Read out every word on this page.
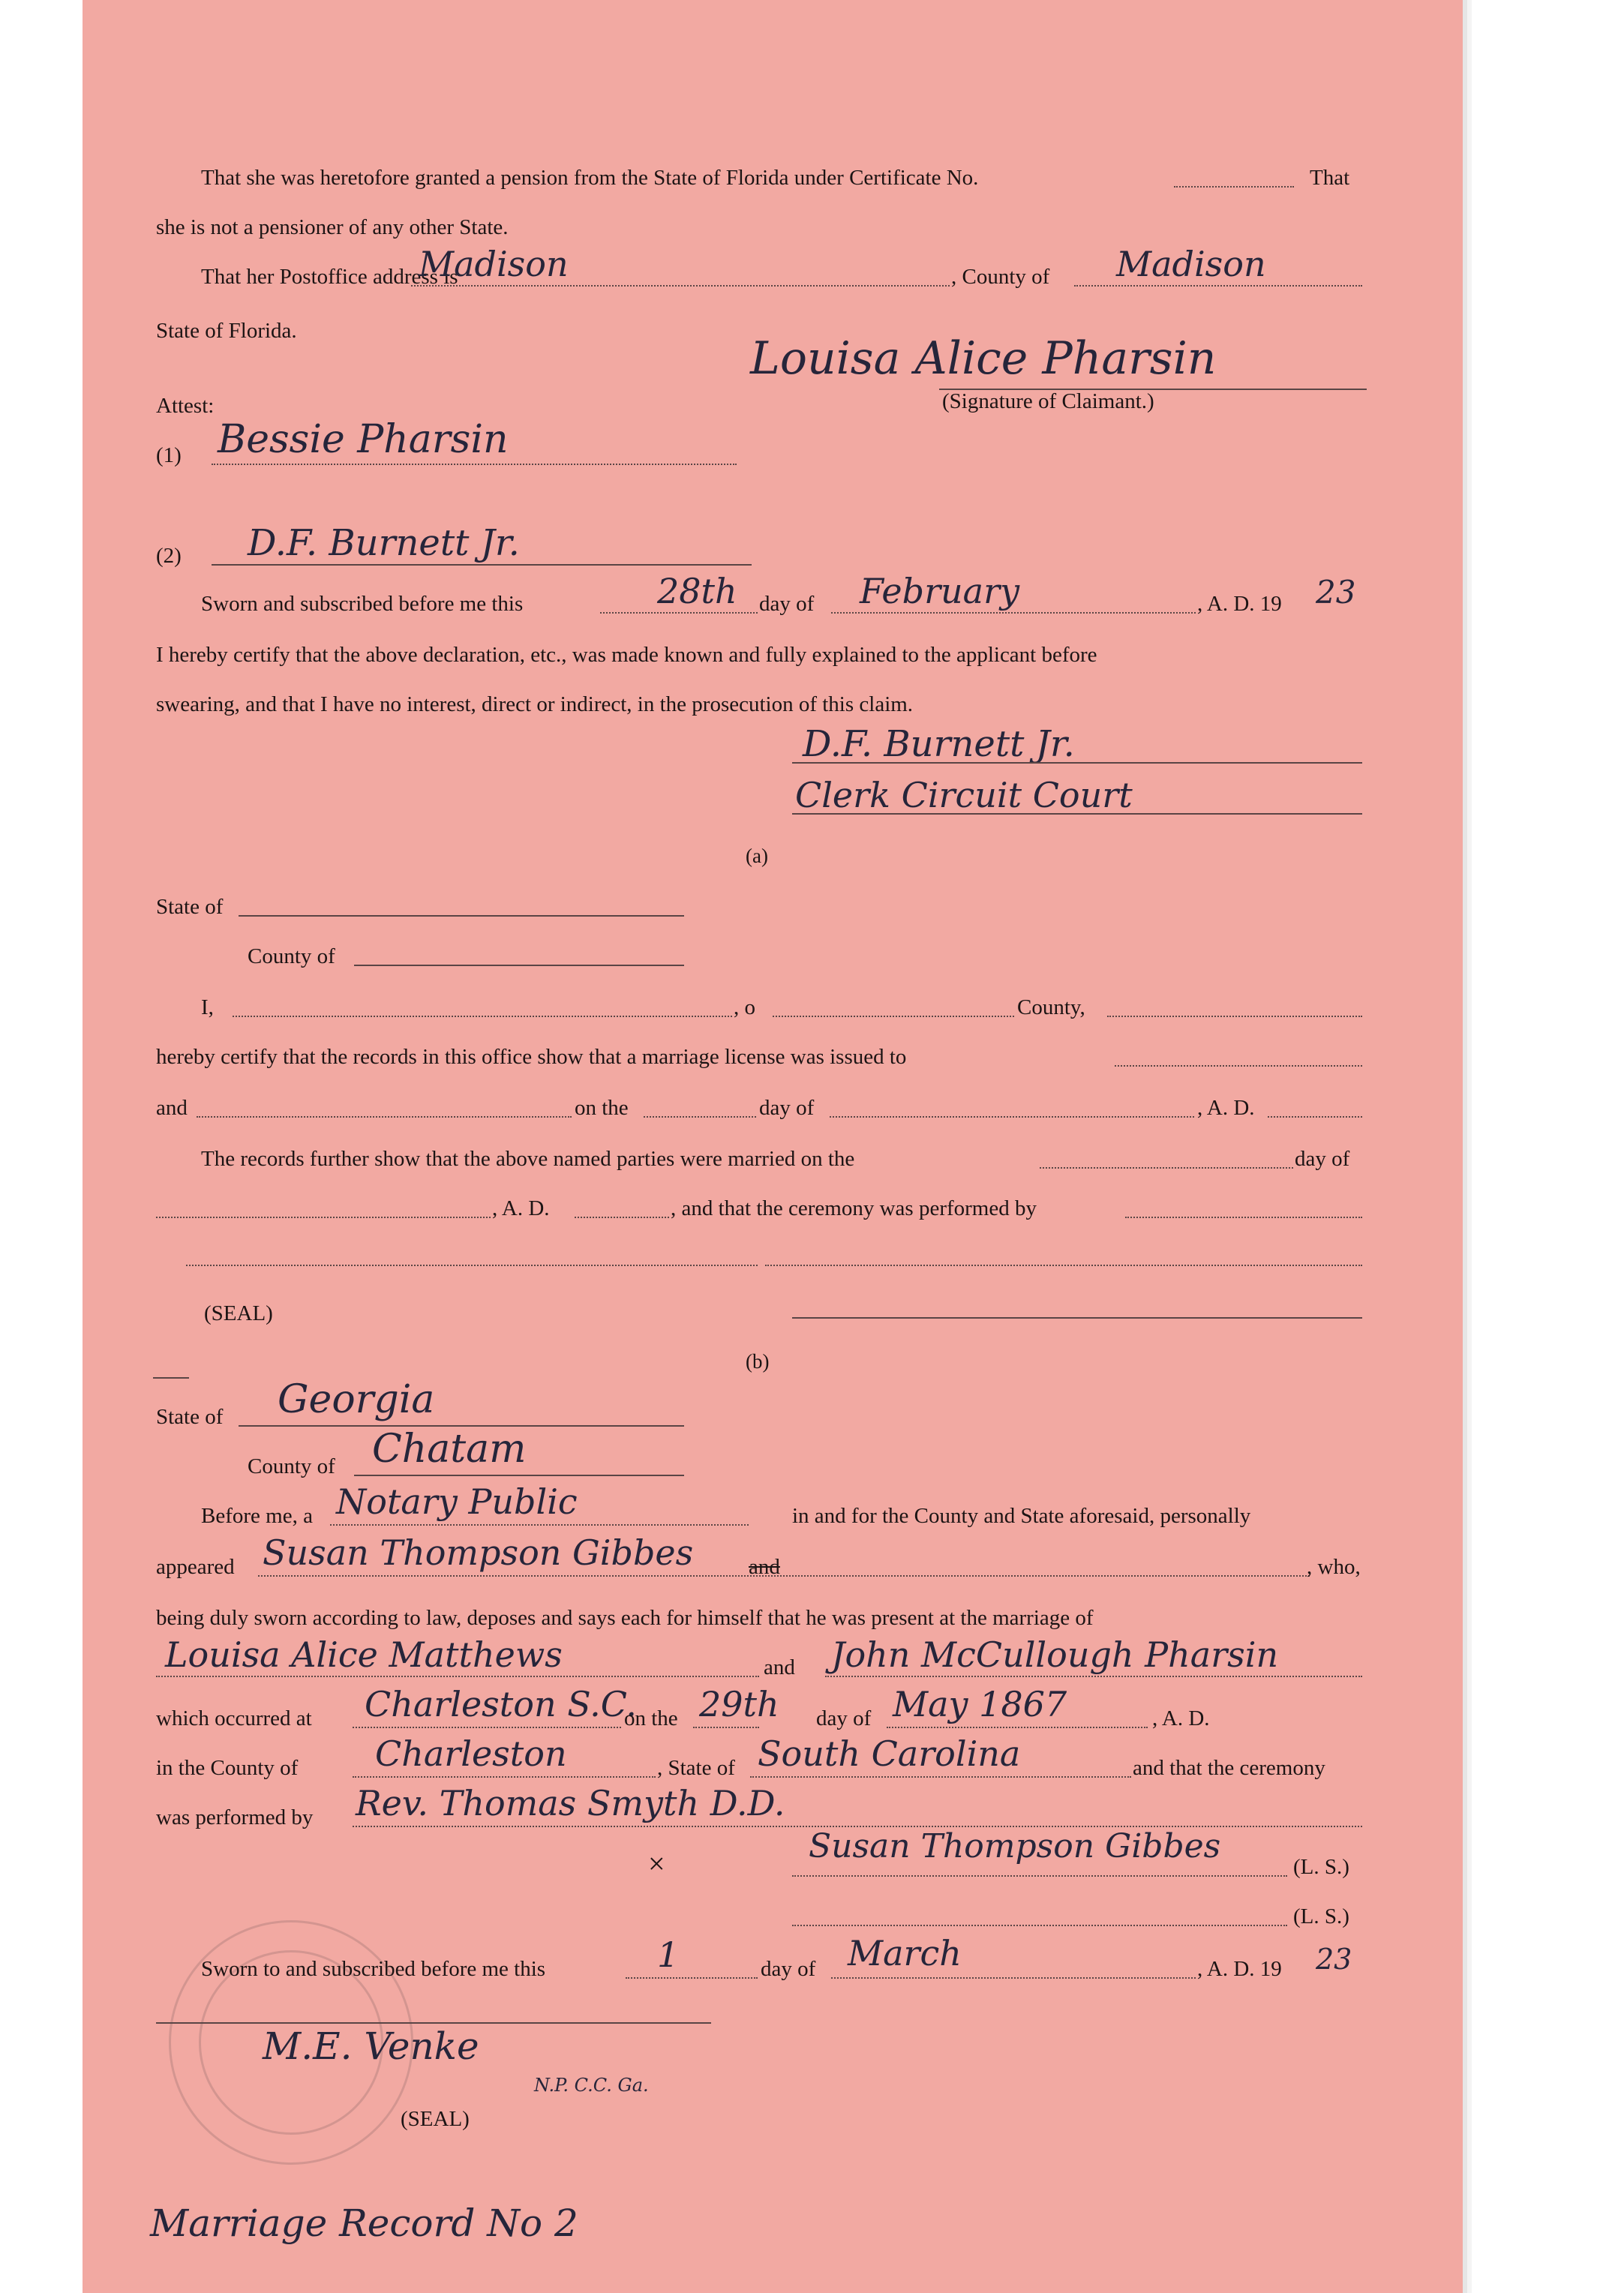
That she was heretofore granted a pension from the State of Florida under Certificate No.	That
she is not a pensioner of any other State.
That her Postoffice address is
Madison	, County of Madison
State of Florida.
Louisa Alice Pharsin
(Signature of Claimant.)
Attest:
(1) Bessie Pharsin
(2) D.F. Burnett Jr.
Sworn and subscribed before me this	28th day of February	, A. D. 19 23
I hereby certify that the above declaration, etc., was made known and fully explained to the applicant before
swearing, and that I have no interest, direct or indirect, in the prosecution of this claim.
D.F. Burnett Jr.
Clerk Circuit Court
(a)
State of
County of
I,	, o	County,
hereby certify that the records in this office show that a marriage license was issued to
and	on the	day of	, A. D.
The records further show that the above named parties were married on the	day of
, A. D.	, and that the ceremony was performed by
(SEAL)
(b)
State of Georgia
County of Chatam
Before me, a Notary Public	in and for the County and State aforesaid, personally
appeared Susan Thompson Gibbes	and	, who,
being duly sworn according to law, deposes and says each for himself that he was present at the marriage of
Louisa Alice Matthews	and John McCullough Pharsin
which occurred at Charleston S.C.
on the 29th day of May 1867	, A. D.
in the County of Charleston	, State of South Carolina	and that the ceremony
was performed by Rev. Thomas Smyth D.D.
×	Susan Thompson Gibbes
(L. S.)
(L. S.)
Sworn to and subscribed before me this	1	day of March	, A. D. 19 23
M.E. Venke
N.P. C.C. Ga.
(SEAL)
Marriage Record No 2
